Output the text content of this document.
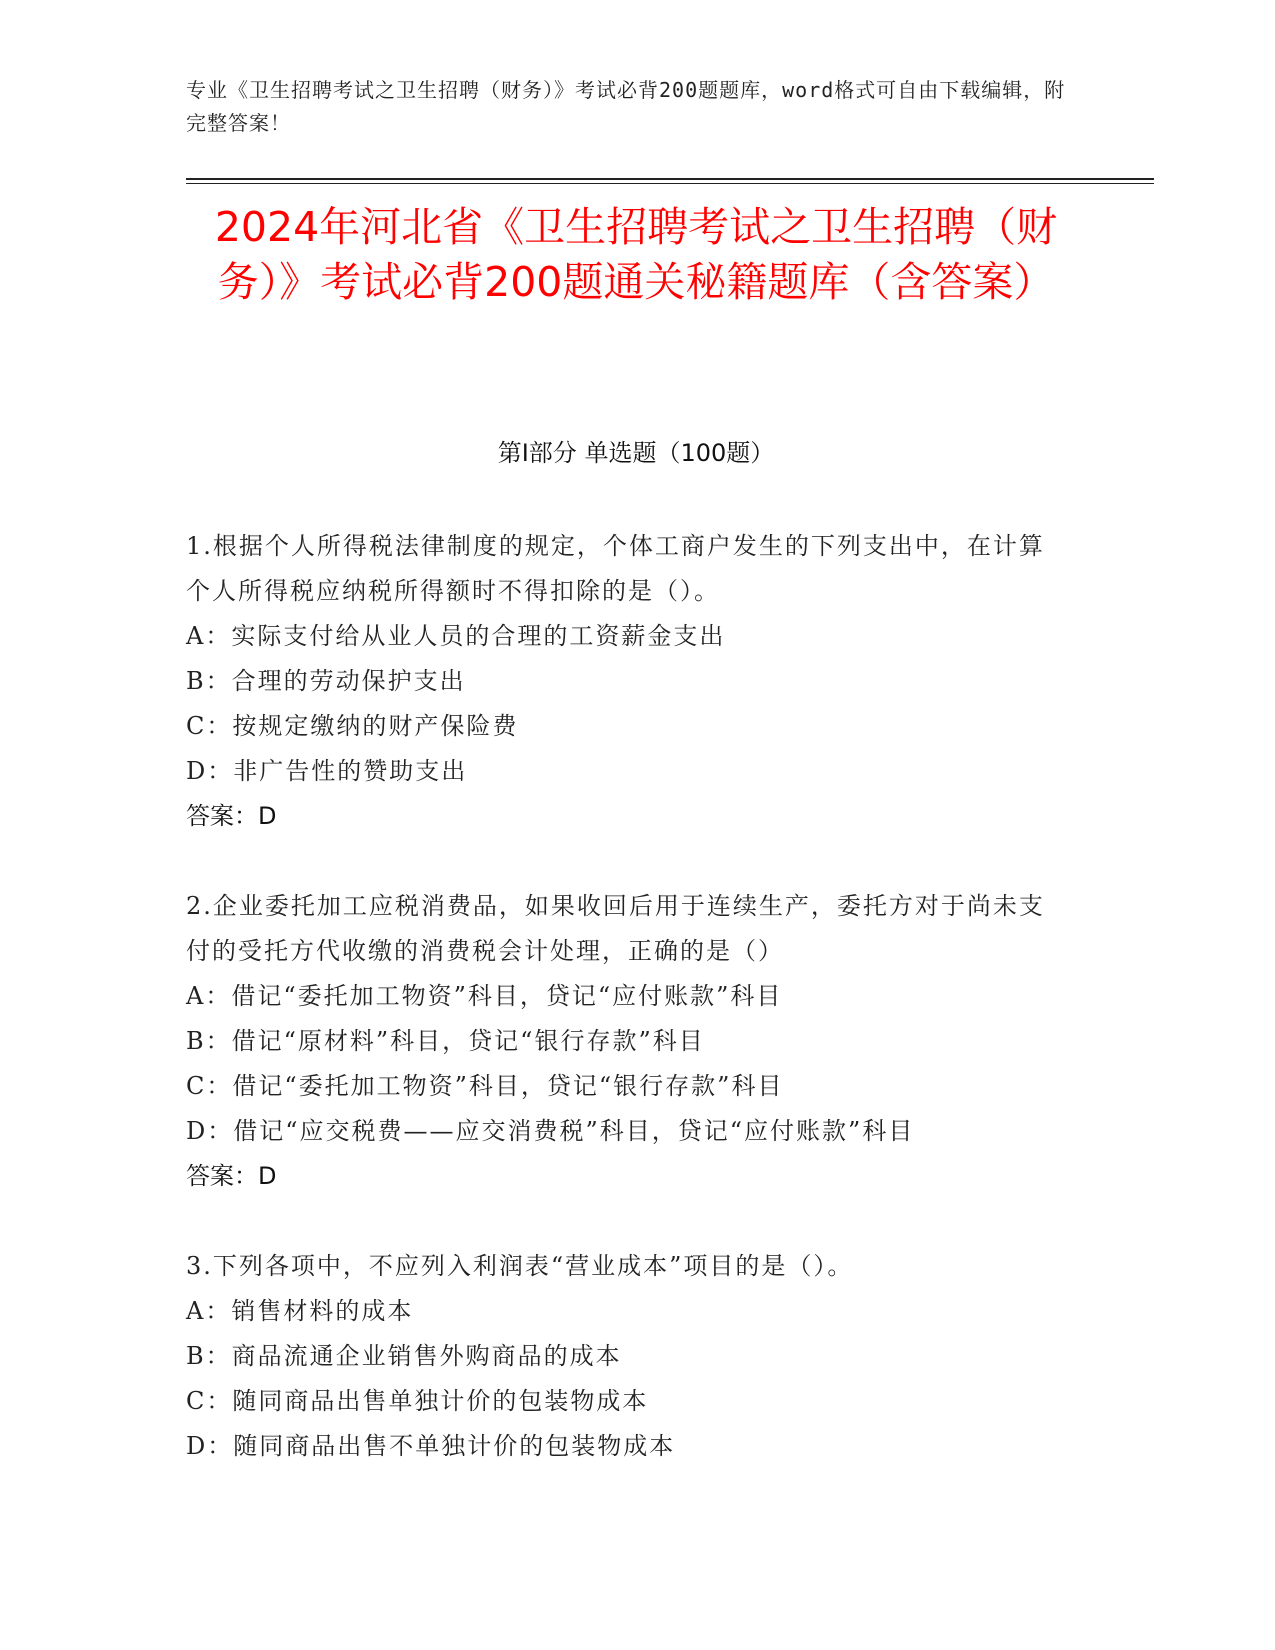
专业《卫生招聘考试之卫生招聘（财务）》考试必背200题题库，word格式可自由下载编辑，附完整答案！
2024年河北省《卫生招聘考试之卫生招聘（财务）》考试必背200题通关秘籍题库（含答案）
第I部分 单选题（100题）

1.根据个人所得税法律制度的规定，个体工商户发生的下列支出中，在计算个人所得税应纳税所得额时不得扣除的是（）。

A：实际支付给从业人员的合理的工资薪金支出

B：合理的劳动保护支出

C：按规定缴纳的财产保险费

D：非广告性的赞助支出

答案：D

2.企业委托加工应税消费品，如果收回后用于连续生产，委托方对于尚未支付的受托方代收缴的消费税会计处理，正确的是（）

A：借记“委托加工物资”科目，贷记“应付账款”科目

B：借记“原材料”科目，贷记“银行存款”科目

C：借记“委托加工物资”科目，贷记“银行存款”科目

D：借记“应交税费——应交消费税”科目，贷记“应付账款”科目

答案：D

3.下列各项中，不应列入利润表“营业成本”项目的是（）。

A：销售材料的成本

B：商品流通企业销售外购商品的成本

C：随同商品出售单独计价的包装物成本

D：随同商品出售不单独计价的包装物成本
